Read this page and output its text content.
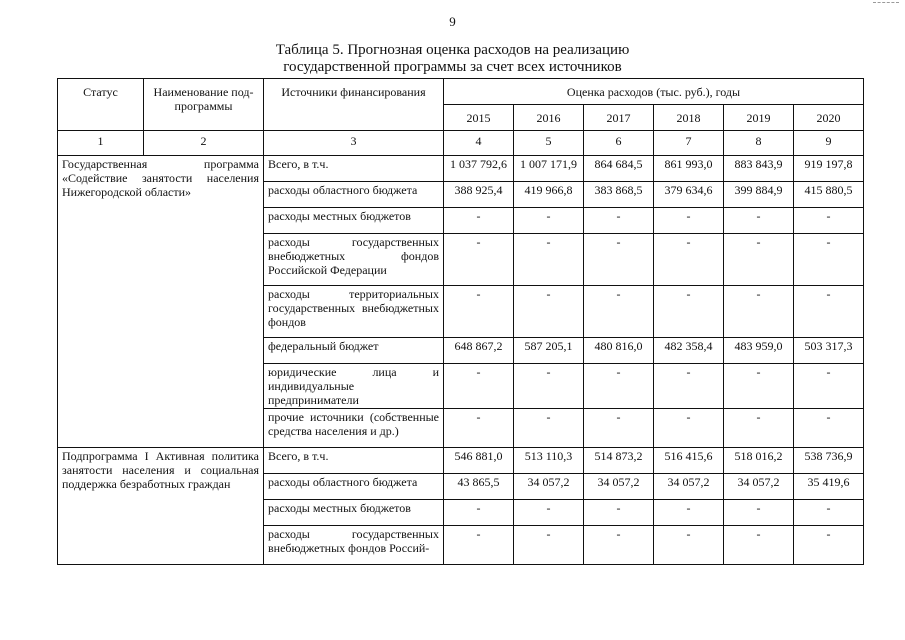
9
Таблица 5. Прогнозная оценка расходов на реализацию
государственной программы за счет всех источников
Статус	Наименование под-программы	Источники финансирования	Оценка расходов (тыс. руб.), годы					
			2015	2016	2017	2018	2019	2020
1	2	3	4	5	6	7	8	9
Государственная программа «Содействие занятости населения Нижегородской области»		Всего, в т.ч.	1 037 792,6	1 007 171,9	864 684,5	861 993,0	883 843,9	919 197,8
		расходы областного бюджета	388 925,4	419 966,8	383 868,5	379 634,6	399 884,9	415 880,5
		расходы местных бюджетов	-	-	-	-	-	-
		расходы государственных внебюджетных фондов Российской Федерации	-	-	-	-	-	-
		расходы территориальных государственных внебюджетных фондов	-	-	-	-	-	-
		федеральный бюджет	648 867,2	587 205,1	480 816,0	482 358,4	483 959,0	503 317,3
		юридические лица и индивидуальные предприниматели	-	-	-	-	-	-
		прочие источники (собственные средства населения и др.)	-	-	-	-	-	-
Подпрограмма I Активная политика занятости населения и социальная поддержка безработных граждан		Всего, в т.ч.	546 881,0	513 110,3	514 873,2	516 415,6	518 016,2	538 736,9
		расходы областного бюджета	43 865,5	34 057,2	34 057,2	34 057,2	34 057,2	35 419,6
		расходы местных бюджетов	-	-	-	-	-	-
		расходы государственных внебюджетных фондов Россий-	-	-	-	-	-	-
